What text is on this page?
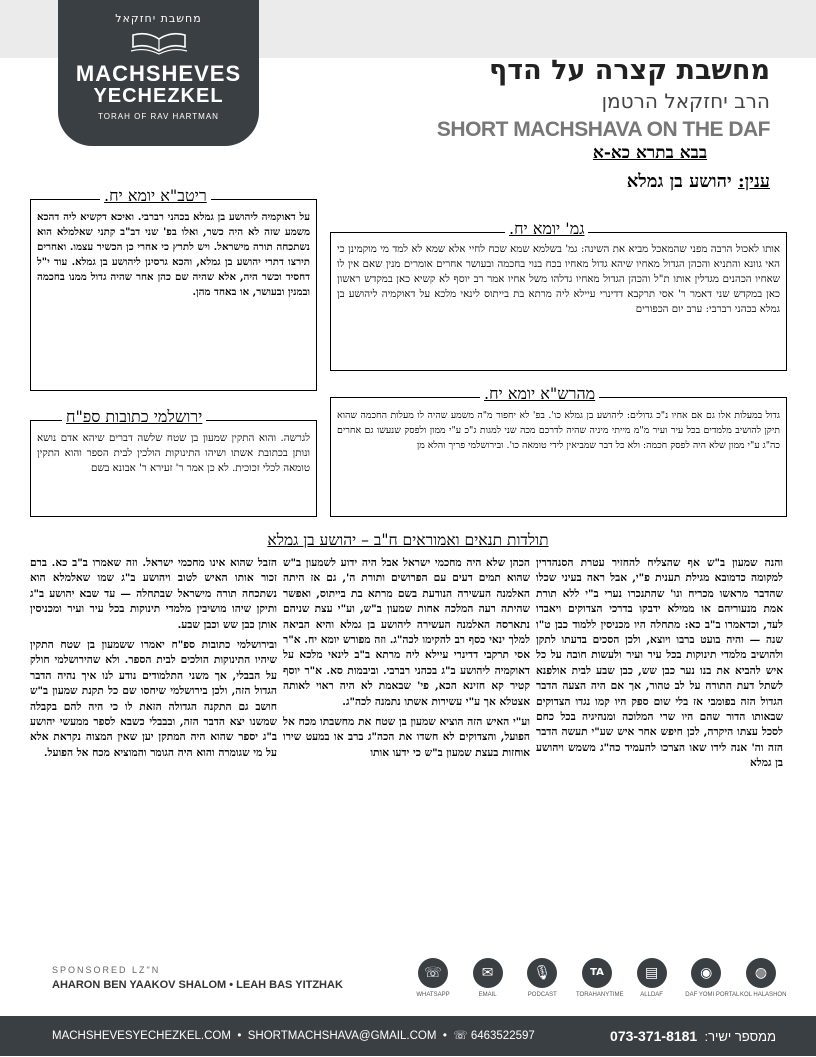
מחשבת יחזקאל
MACHSHEVES
YECHEZKEL
TORAH OF RAV HARTMAN
מחשבת קצרה על הדף
הרב יחזקאל הרטמן
SHORT MACHSHAVA ON THE DAF
בבא בתרא כא-א
ענין: יהושע בן גמלא

אותו לאכול הרבה מפני שהמאכל מביא את השינה: גמ' בשלמא שמא שכח לחיי אלא שמא לא למד מי מוקמינן כי האי גוונא והתניא והכהן הגדול מאחיו שיהא גדול מאחיו בכח בנוי בחכמה ובעושר אחרים אומרים מנין שאם אין לו שאחיו הכהנים מגדלין אותו ת"ל והכהן הגדול מאחיו גדלהו משל אחיו אמר רב יוסף לא קשיא כאן במקדש ראשון כאן במקדש שני דאמר ר' אסי תרקבא דדינרי עיילא ליה מרתא בת בייתוס לינאי מלכא על דאוקמיה ליהושע בן גמלא בכהני רברבי: ערב יום הכפורים

גמ' יומא יח.

על דאוקמיה ליהושע בן גמלא בכהני רברבי. ואיכא דקשיא ליה דהכא משמע שזה לא היה כשר, ואלו בפ' שני דב"ב קתני שאלמלא הוא נשתכחה תורה מישראל. ויש לתרץ כי אחרי כן הכשיר עצמו. ואחרים תירצו דתרי יהושע בן גמלא, והכא גרסינן ליהושע בן גמלא. עוד י"ל דחסיד וכשר היה, אלא שהיה שם כהן אחר שהיה גדול ממנו בחכמה ובמנין ובעושר, או באחד מהן.

ריטב"א יומא יח.

גדול במעלות אלו גם אם אחיו נ"כ גדולים: ליהושע בן גמלא כו'. בפ' לא יחפור מ"ה משמע שהיה לו מעלות החכמה שהוא תיקן להושיב מלמדים בכל עיר ועיר מ"מ מייתי מיניה שהיה לדרכם מכה שני למגות ג"כ ע"י ממון ולפסק שנעשו גם אחרים כה"ג ע"י ממון שלא היה לפסק חכמה: ולא כל דבר שמביאין לידי טומאה כו'. ובירושלמי פריך והלא מן

מהרש"א יומא יח.

לגרשה. והוא התקין שמעון בן שטח שלשה דברים שיהא אדם נושא ונותן בכתובת אשתו ושיהו התינוקות הולכין לבית הספר והוא התקין טומאה לכלי זכוכית. לא כן אמר ר' זעירא ר' אבונא בשם

ירושלמי כתובות ספ"ח
תולדות תנאים ואמוראים ח"ב – יהושע בן גמלא

והנה שמעון ב"ש אף שהצליח להחזיר עטרת הסנהדרין למקומה כדמובא מגילת תענית פ"י, אבל ראה בעיני שכלו שהדבר מראשו מכריח ונו' שהתנכרו נערי ב"י ללא תורת אמת מנעוריהם או ממילא ידבקו בדרכי הצדוקים ויאבדו לעד, וכדאמרו ב"ב כא: מתחלה היו מכניסין ללמוד כבן ט"ו שנה — והיה בועט ברבו ויוצא, ולכן הסכים בדעתו לתקן ולהושיב מלמדי תינוקות בכל עיר ועיר ולעשות חובה על כל איש להביא את בנו נער כבן שש, כבן שבע לבית אולפנא לשתל דעת התורה על לב טהור, אך אם היה הצעה הדבר הגדול הזה בפומבי אז בלי שום ספק היו קמו נגדו הצדוקים שבאותו הדור שהם היו שרי המלוכה ומנהיגיה בכל כחם לסכל עצתו היקרה, לכן חיפש אחר איש שע"י תעשה הדבר הזה וה' אנה לידו שאו הצרכו להעמיד כה"ג משמש ויהושע בן גמלא

הכהן שלא היה מחכמי ישראל אבל היה ידוע לשמעון ב"ש שהוא תמים דעים עם הפרושים ותורת ה', גם אז היתה האלמנה העשירה הנודעת בשם מרתא בת בייתוס, ואפשר שהיתה רעה המלכה אחות שמעון ב"ש, וע"י עצת שניהם נתארסה האלמנה העשירה ליהושע בן גמלא והיא הביאה למלך ינאי כסף רב להקימו לכה"ג. וזה מפורש יומא יח. א"ר אסי תרקבי דדינרי עיילא ליה מרתא ב"ב לינאי מלכא על דאוקמיה ליהושע ב"ג בכהני רברבי. וביבמות סא. א"ר יוסף קטיר קא חזינא הכא, פי' שבאמת לא היה ראוי לאותה אצטלא אך ע"י עשירות אשתו נתמנה לכה"ג.

וע"י האיש הזה הוציא שמעון בן שטח את מחשבתו מכח אל הפועל, והצדוקים לא חשדו את הכה"ג ברב או במעט שירו אוחזות בעצת שמעון ב"ש כי ידעו אותו

הזבל שהוא אינו מחכמי ישראל. וזה שאמרו ב"ב כא. ברם זכור אותו האיש לטוב ויהושע ב"ג שמו שאלמלא הוא נשתכחה תורה מישראל שבתחלה — עד שבא יהושע ב"ג ותיקן שיהו מושיבין מלמדי תינוקות בכל עיר ועיר ומכניסין אותן כבן שש וכבן שבע.

ובירושלמי כתובות ספ"ח יאמרו ששמעון בן שטח התקין שיהיו התינוקות הולכים לבית הספר. ולא שהירושלמי חולק על הבבלי, אך משני התלמודים נודע לנו איך נהיה הדבר הגדול הזה, ולכן בירושלמי שיחסו שם כל תקנת שמעון ב"ש חושב גם התקנה הגדולה הזאת לו כי היה להם בקבלה שמשנו יצא הדבר הזה, ובבבלי כשבא לספר ממעשי יהושע ב"ג יספר שהוא היה המתקן יען שאין המצוה נקראת אלא על מי שגומרה והוא היה הגומר והמוציא מכח אל הפועל.

SPONSORED LZ"N
AHARON BEN YAAKOV SHALOM • LEAH BAS YITZHAK
☏
WHATSAPP
✉
EMAIL
🎙
PODCAST
TA
TORAHANYTIME
▤
ALLDAF
◉
DAF YOMI PORTAL
◍
KOL HALASHON
MACHSHEVESYECHEZKEL.COM • SHORTMACHSHAVA@GMAIL.COM • ☏ 6463522597	ממספר ישיר:  073-371-8181
